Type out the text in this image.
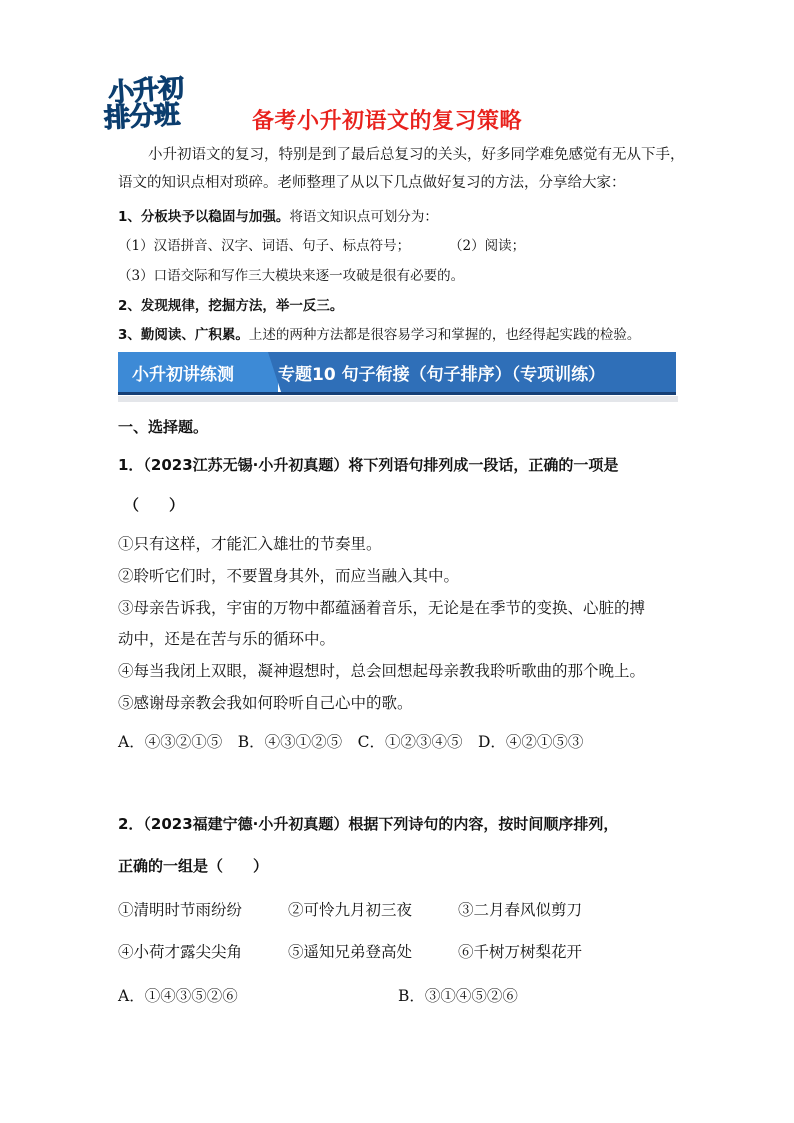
小升初
排分班	备考小升初语文的复习策略
小升初语文的复习，特别是到了最后总复习的关头，好多同学难免感觉有无从下手，
语文的知识点相对琐碎。老师整理了从以下几点做好复习的方法，分享给大家：
1、分板块予以稳固与加强。将语文知识点可划分为：
（1）汉语拼音、汉字、词语、句子、标点符号；	（2）阅读；
（3）口语交际和写作三大模块来逐一攻破是很有必要的。
2、发现规律，挖掘方法，举一反三。
3、勤阅读、广积累。上述的两种方法都是很容易学习和掌握的，也经得起实践的检验。
小升初讲练测	专题10 句子衔接（句子排序）（专项训练）
一、选择题。
1．（2023江苏无锡·小升初真题）将下列语句排列成一段话，正确的一项是
（　　）
①只有这样，才能汇入雄壮的节奏里。
②聆听它们时，不要置身其外，而应当融入其中。
③母亲告诉我，宇宙的万物中都蕴涵着音乐，无论是在季节的变换、心脏的搏
动中，还是在苦与乐的循环中。
④每当我闭上双眼，凝神遐想时，总会回想起母亲教我聆听歌曲的那个晚上。
⑤感谢母亲教会我如何聆听自己心中的歌。
A．④③②①⑤　B．④③①②⑤　C．①②③④⑤　D．④②①⑤③
2．（2023福建宁德·小升初真题）根据下列诗句的内容，按时间顺序排列，
正确的一组是（　　）
①清明时节雨纷纷	②可怜九月初三夜	③二月春风似剪刀
④小荷才露尖尖角	⑤遥知兄弟登高处	⑥千树万树梨花开
A．①④③⑤②⑥	B．③①④⑤②⑥
